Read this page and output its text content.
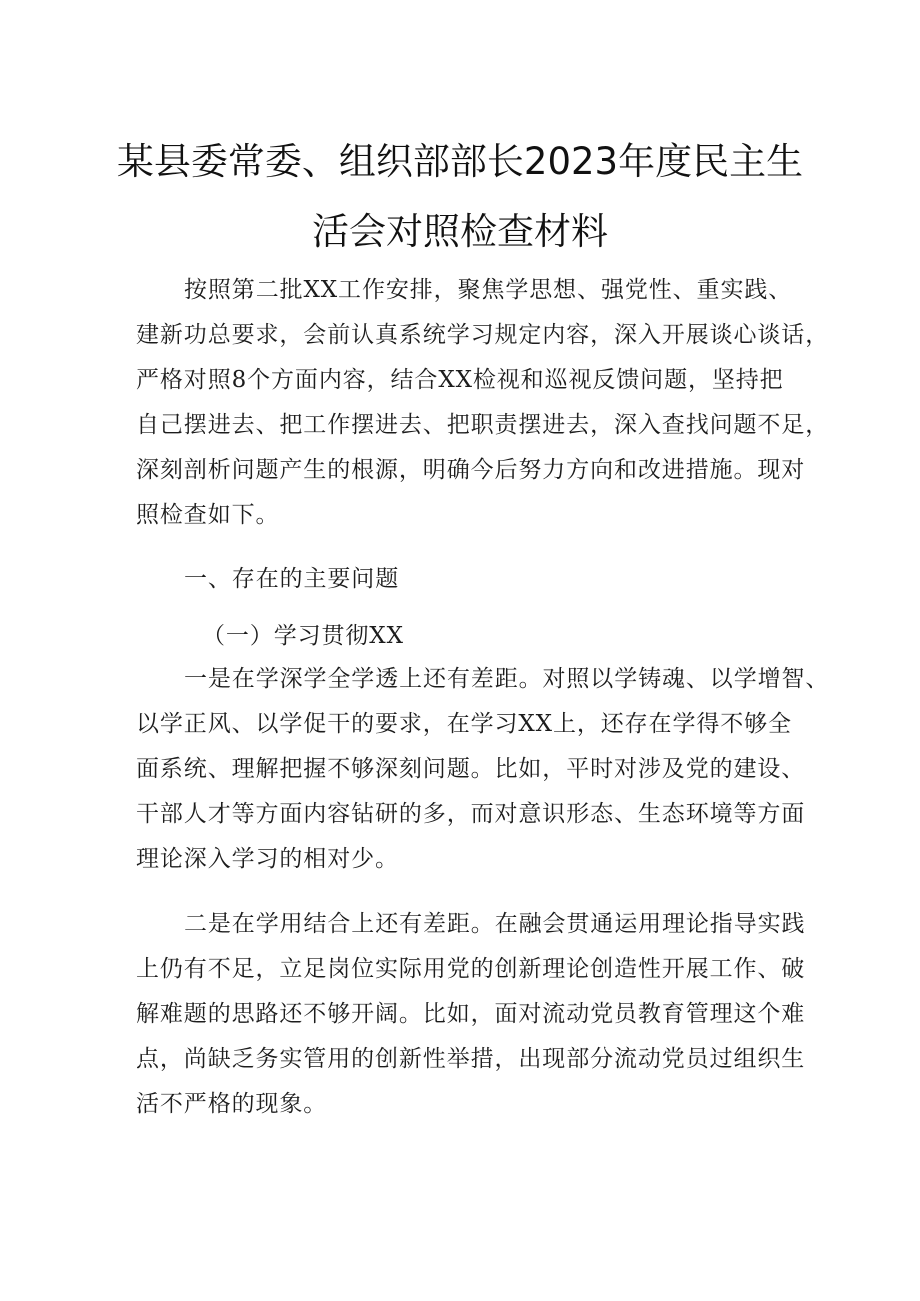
某县委常委、组织部部长2023年度民主生
活会对照检查材料
按照第二批XX工作安排，聚焦学思想、强党性、重实践、
建新功总要求，会前认真系统学习规定内容，深入开展谈心谈话，
严格对照8个方面内容，结合XX检视和巡视反馈问题，坚持把
自己摆进去、把工作摆进去、把职责摆进去，深入查找问题不足，
深刻剖析问题产生的根源，明确今后努力方向和改进措施。现对
照检查如下。
一、存在的主要问题
（一）学习贯彻XX
一是在学深学全学透上还有差距。对照以学铸魂、以学增智、
以学正风、以学促干的要求，在学习XX上，还存在学得不够全
面系统、理解把握不够深刻问题。比如，平时对涉及党的建设、
干部人才等方面内容钻研的多，而对意识形态、生态环境等方面
理论深入学习的相对少。
二是在学用结合上还有差距。在融会贯通运用理论指导实践
上仍有不足，立足岗位实际用党的创新理论创造性开展工作、破
解难题的思路还不够开阔。比如，面对流动党员教育管理这个难
点，尚缺乏务实管用的创新性举措，出现部分流动党员过组织生
活不严格的现象。
